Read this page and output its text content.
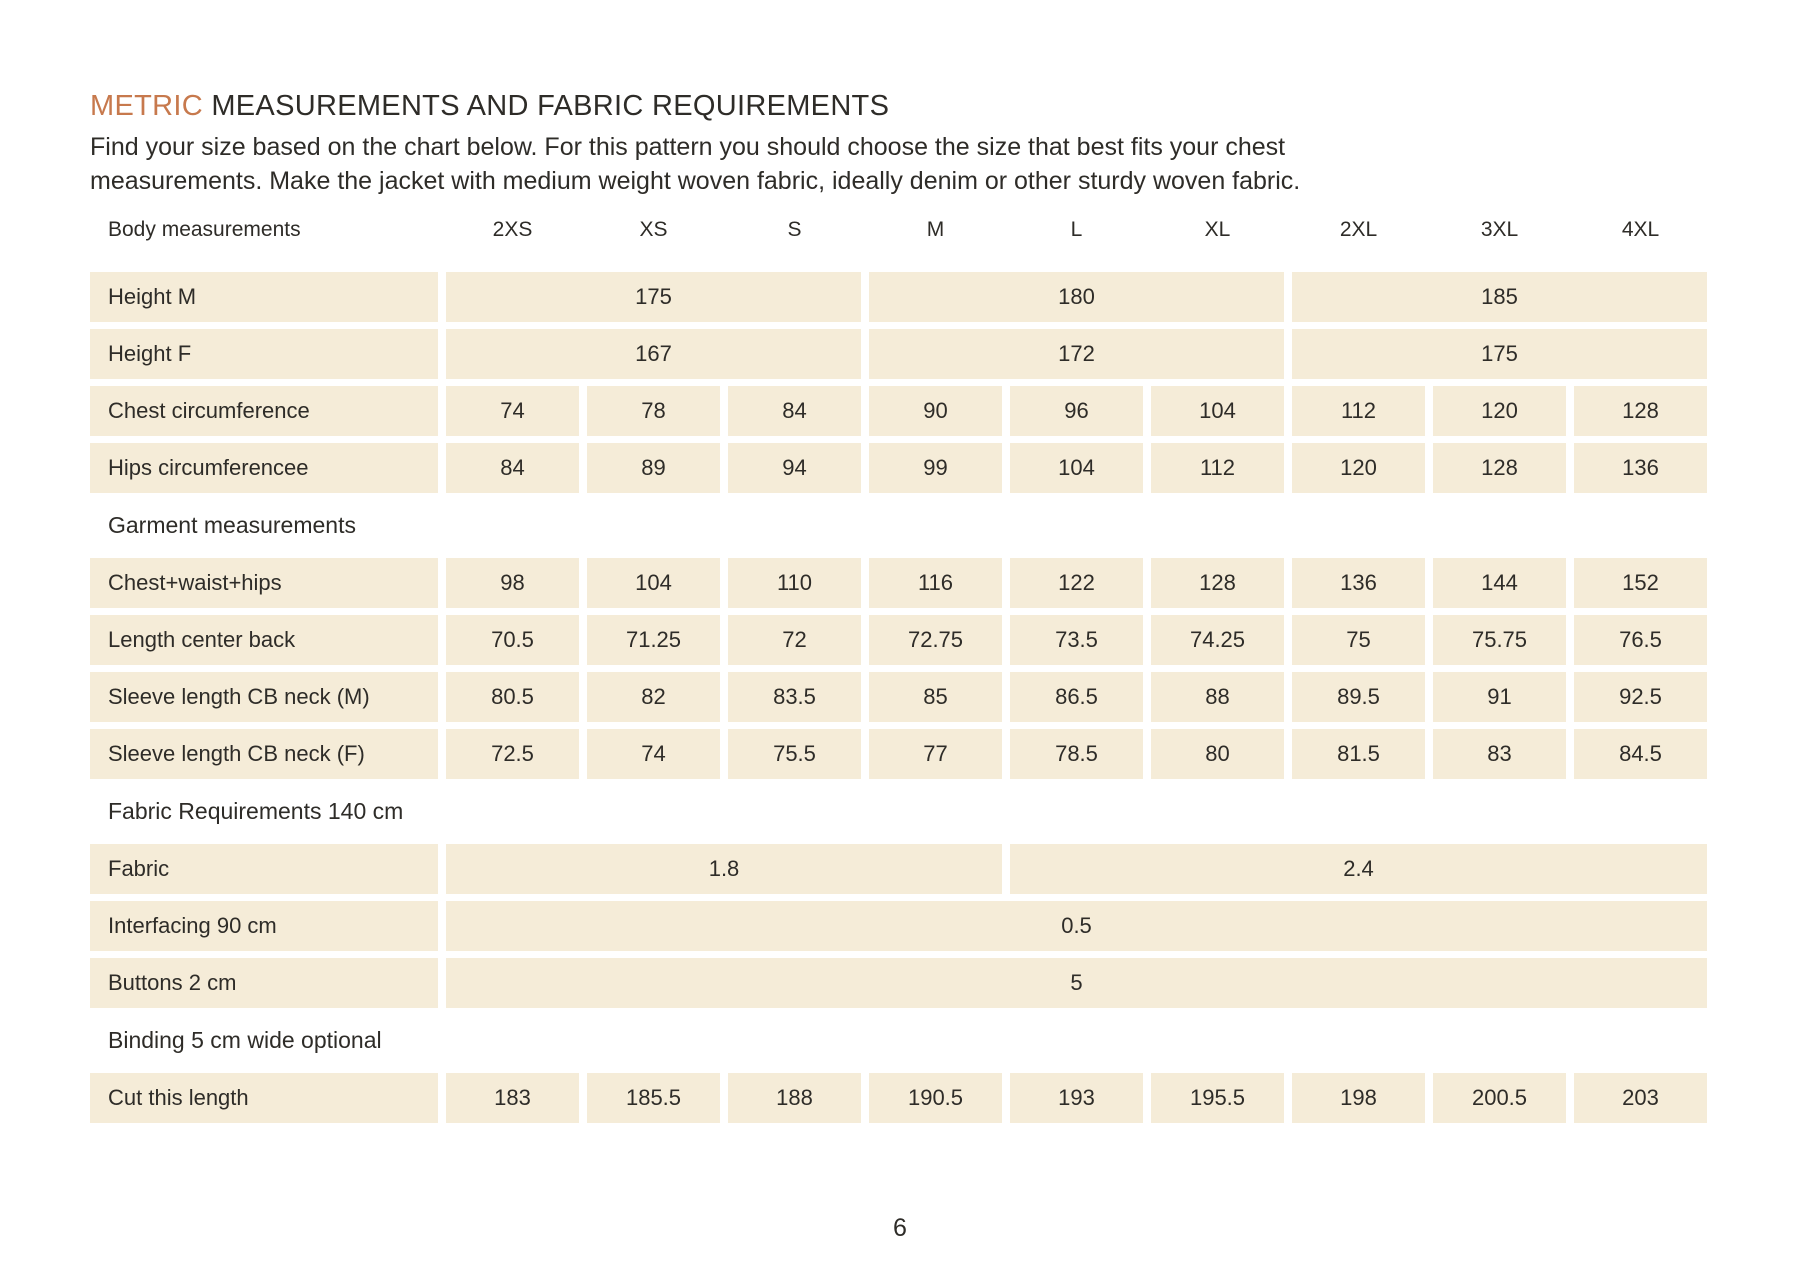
METRIC MEASUREMENTS AND FABRIC REQUIREMENTS

Find your size based on the chart below. For this pattern you should choose the size that best fits your chest
measurements. Make the jacket with medium weight woven fabric, ideally denim or other sturdy woven fabric.

Body measurements	2XS	XS	S	M	L	XL	2XL	3XL	4XL
Height M	175	180	185
Height F	167	172	175
Chest circumference	74	78	84	90	96	104	112	120	128
Hips circumferencee	84	89	94	99	104	112	120	128	136
Garment measurements
Chest+waist+hips	98	104	110	116	122	128	136	144	152
Length center back	70.5	71.25	72	72.75	73.5	74.25	75	75.75	76.5
Sleeve length CB neck (M)	80.5	82	83.5	85	86.5	88	89.5	91	92.5
Sleeve length CB neck (F)	72.5	74	75.5	77	78.5	80	81.5	83	84.5
Fabric Requirements 140 cm
Fabric	1.8	2.4
Interfacing 90 cm	0.5
Buttons 2 cm	5
Binding 5 cm wide optional
Cut this length	183	185.5	188	190.5	193	195.5	198	200.5	203
6
